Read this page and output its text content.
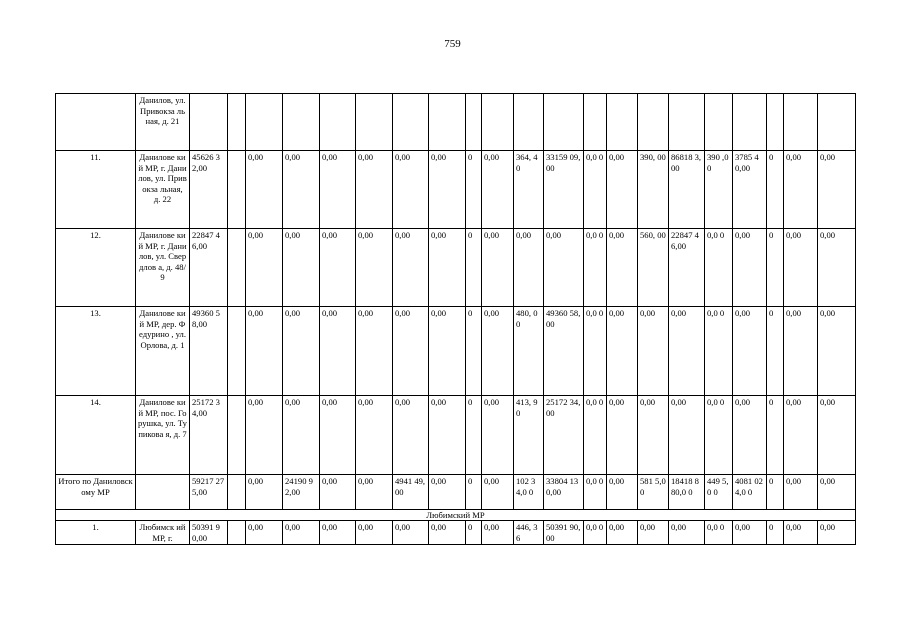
759
	Данилов, ул. Привокза льная, д. 21																						
11.	Данилове кий МР, г. Данилов, ул. Привокза льная, д. 22	45626 32,00		0,00	0,00	0,00	0,00	0,00	0,00	0	0,00	364, 40	33159 09,00	0,0 0	0,00	390, 00	86818 3,00	390 ,00	3785 40,00	0	0,00	0,00	
12.	Данилове кий МР, г. Данилов, ул. Свердлов а, д. 48/9	22847 46,00		0,00	0,00	0,00	0,00	0,00	0,00	0	0,00	0,00	0,00	0,0 0	0,00	560, 00	22847 46,00	0,0 0	0,00	0	0,00	0,00	
13.	Данилове кий МР, дер. Федурино , ул. Орлова, д. 1	49360 58,00		0,00	0,00	0,00	0,00	0,00	0,00	0	0,00	480, 00	49360 58,00	0,0 0	0,00	0,00	0,00	0,0 0	0,00	0	0,00	0,00	
14.	Данилове кий МР, пос. Горушка, ул. Тупикова я, д. 7	25172 34,00		0,00	0,00	0,00	0,00	0,00	0,00	0	0,00	413, 90	25172 34,00	0,0 0	0,00	0,00	0,00	0,0 0	0,00	0	0,00	0,00	
Итого по Даниловскому МР		59217 275,00		0,00	24190 92,00	0,00	0,00	4941 49,00	0,00	0	0,00	102 34,0 0	33804 130,00	0,0 0	0,00	581 5,00	18418 880,0 0	449 5,0 0	4081 024,0 0	0	0,00	0,00	
Любимский МР																							
1.	Любимск ий МР, г.	50391 90,00		0,00	0,00	0,00	0,00	0,00	0,00	0	0,00	446, 36	50391 90,00	0,0 0	0,00	0,00	0,00	0,0 0	0,00	0	0,00	0,00	
